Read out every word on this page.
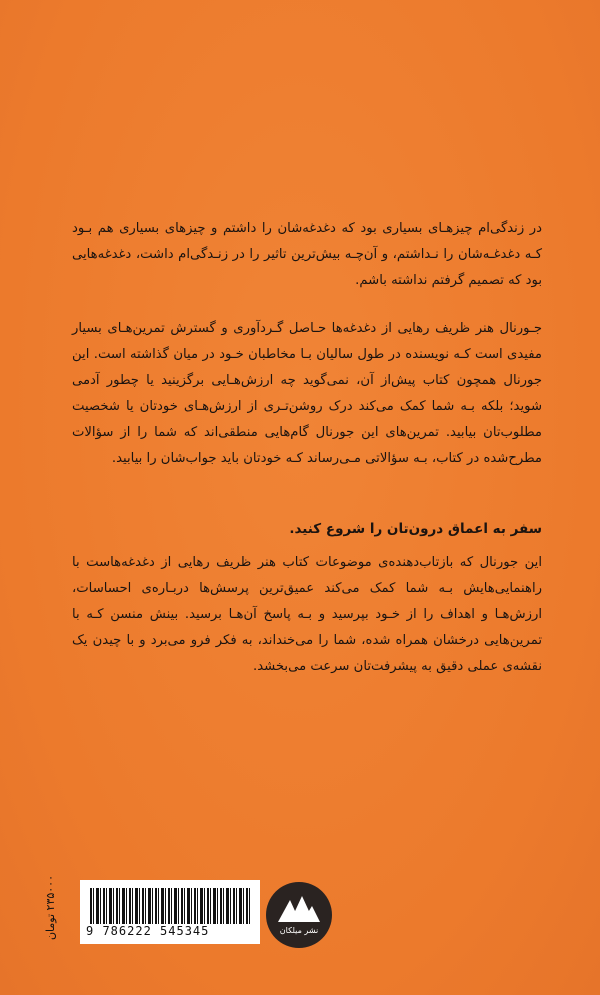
در زندگی‌ام چیزهـای بسیاری بود که دغدغه‌شان را داشتم و چیزهای بسیاری هم بـود کـه دغدغـه‌شان را نـداشتم، و آن‌چـه بیش‌ترین تاثیر را در زنـدگی‌ام داشت، دغدغه‌هایی بود که تصمیم گرفتم نداشته باشم.

جـورنال هنر ظریف رهایی از دغدغه‌ها حـاصل گـردآوری و گسترش تمرین‌هـای بسیار مفیدی است کـه نویسنده در طول سالیان بـا مخاطبان خـود در میان گذاشته است. این جورنال همچون کتاب پیش‌از آن، نمی‌گوید چه ارزش‌هـایی برگزینید یا چطور آدمی شوید؛ بلکه بـه شما کمک می‌کند درک روشن‌تـری از ارزش‌هـای خودتان یا شخصیت مطلوب‌تان بیابید. تمرین‌های این جورنال گام‌هایی منطقی‌اند که شما را از سؤالات مطرح‌شده در کتاب، بـه سؤالاتی مـی‌رساند کـه خودتان باید جواب‌شان را بیابید.

سفر به اعماق درون‌تان را شروع کنید.

این جورنال که بازتاب‌دهنده‌ی موضوعات کتاب هنر ظریف رهایی از دغدغه‌هاست با راهنمایی‌هایش بـه شما کمک می‌کند عمیق‌ترین پرسش‌ها دربـاره‌ی احساسات، ارزش‌هـا و اهداف را از خـود بپرسید و بـه پاسخ آن‌هـا برسید. بینش منسن کـه با تمرین‌هایی درخشان همراه شده، شما را می‌خنداند، به فکر فرو می‌برد و با چیدن یک نقشه‌ی عملی دقیق به پیشرفت‌تان سرعت می‌بخشد.

۲۳۵۰۰۰ تومان
9 786222 545345	نشر میلکان
